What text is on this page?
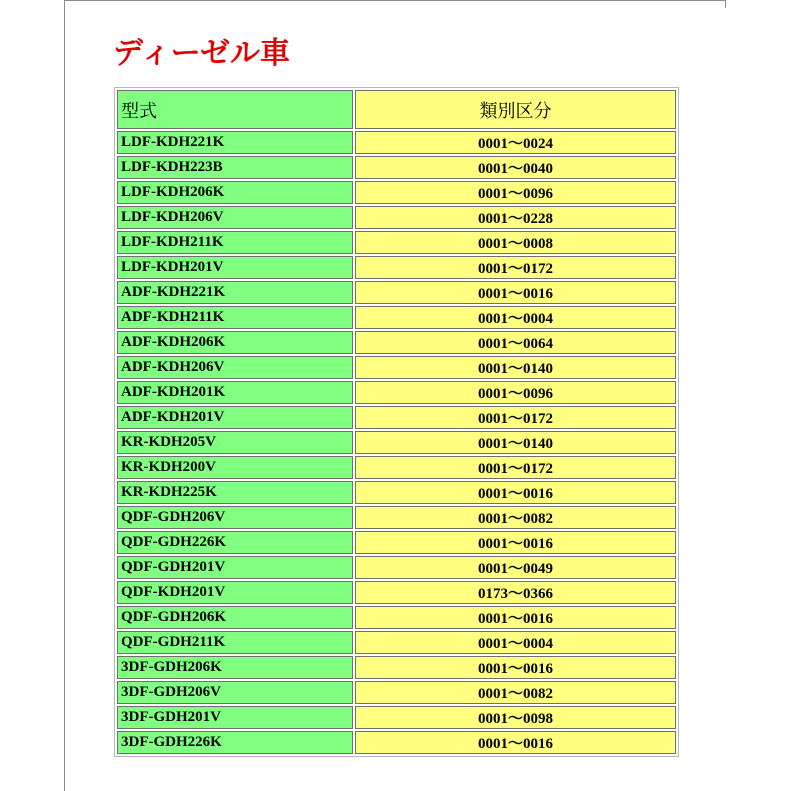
ディーゼル車
型式	類別区分
LDF-KDH221K	0001〜0024
LDF-KDH223B	0001〜0040
LDF-KDH206K	0001〜0096
LDF-KDH206V	0001〜0228
LDF-KDH211K	0001〜0008
LDF-KDH201V	0001〜0172
ADF-KDH221K	0001〜0016
ADF-KDH211K	0001〜0004
ADF-KDH206K	0001〜0064
ADF-KDH206V	0001〜0140
ADF-KDH201K	0001〜0096
ADF-KDH201V	0001〜0172
KR-KDH205V	0001〜0140
KR-KDH200V	0001〜0172
KR-KDH225K	0001〜0016
QDF-GDH206V	0001〜0082
QDF-GDH226K	0001〜0016
QDF-GDH201V	0001〜0049
QDF-KDH201V	0173〜0366
QDF-GDH206K	0001〜0016
QDF-GDH211K	0001〜0004
3DF-GDH206K	0001〜0016
3DF-GDH206V	0001〜0082
3DF-GDH201V	0001〜0098
3DF-GDH226K	0001〜0016
